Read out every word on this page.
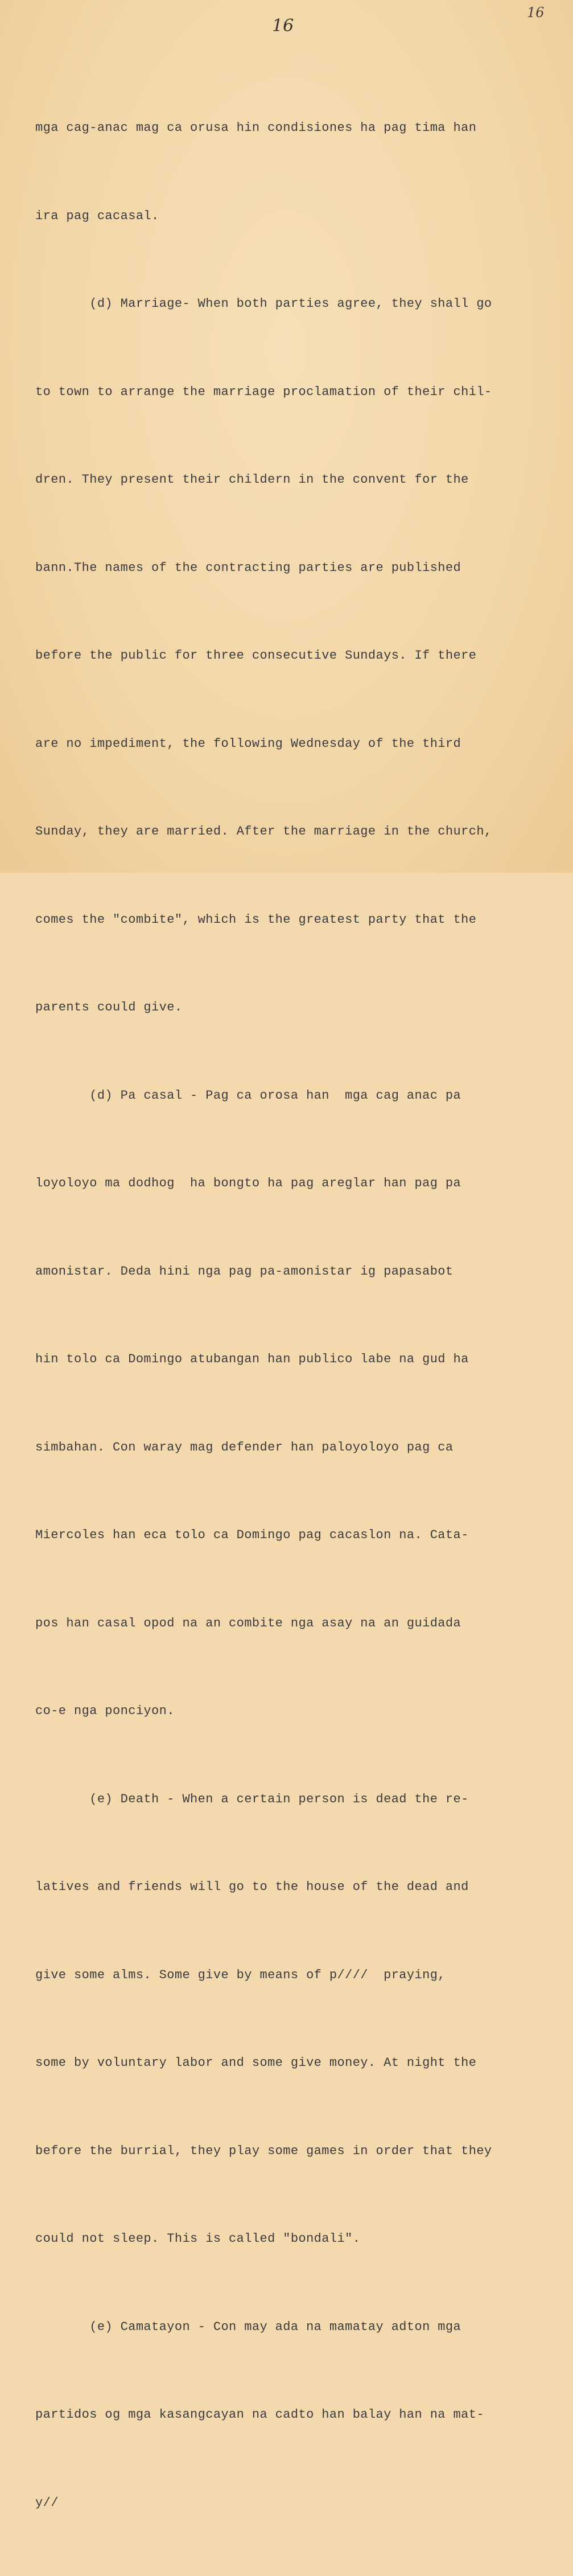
16
16

mga cag-anac mag ca orusa hin condisiones ha pag tima han

ira pag cacasal.

(d) Marriage- When both parties agree, they shall go

to town to arrange the marriage proclamation of their chil-

dren. They present their childern in the convent for the

bann.The names of the contracting parties are published

before the public for three consecutive Sundays. If there

are no impediment, the following Wednesday of the third

Sunday, they are married. After the marriage in the church,

comes the "combite", which is the greatest party that the

parents could give.

(d) Pa casal - Pag ca orosa han  mga cag anac pa

loyoloyo ma dodhog  ha bongto ha pag areglar han pag pa

amonistar. Deda hini nga pag pa-amonistar ig papasabot

hin tolo ca Domingo atubangan han publico labe na gud ha

simbahan. Con waray mag defender han paloyoloyo pag ca

Miercoles han eca tolo ca Domingo pag cacaslon na. Cata-

pos han casal opod na an combite nga asay na an guidada

co-e nga ponciyon.

(e) Death - When a certain person is dead the re-

latives and friends will go to the house of the dead and

give some alms. Some give by means of p////  praying,

some by voluntary labor and some give money. At night the

before the burrial, they play some games in order that they

could not sleep. This is called "bondali".

(e) Camatayon - Con may ada na mamatay adton mga

partidos og mga kasangcayan na cadto han balay han na mat-

y//
